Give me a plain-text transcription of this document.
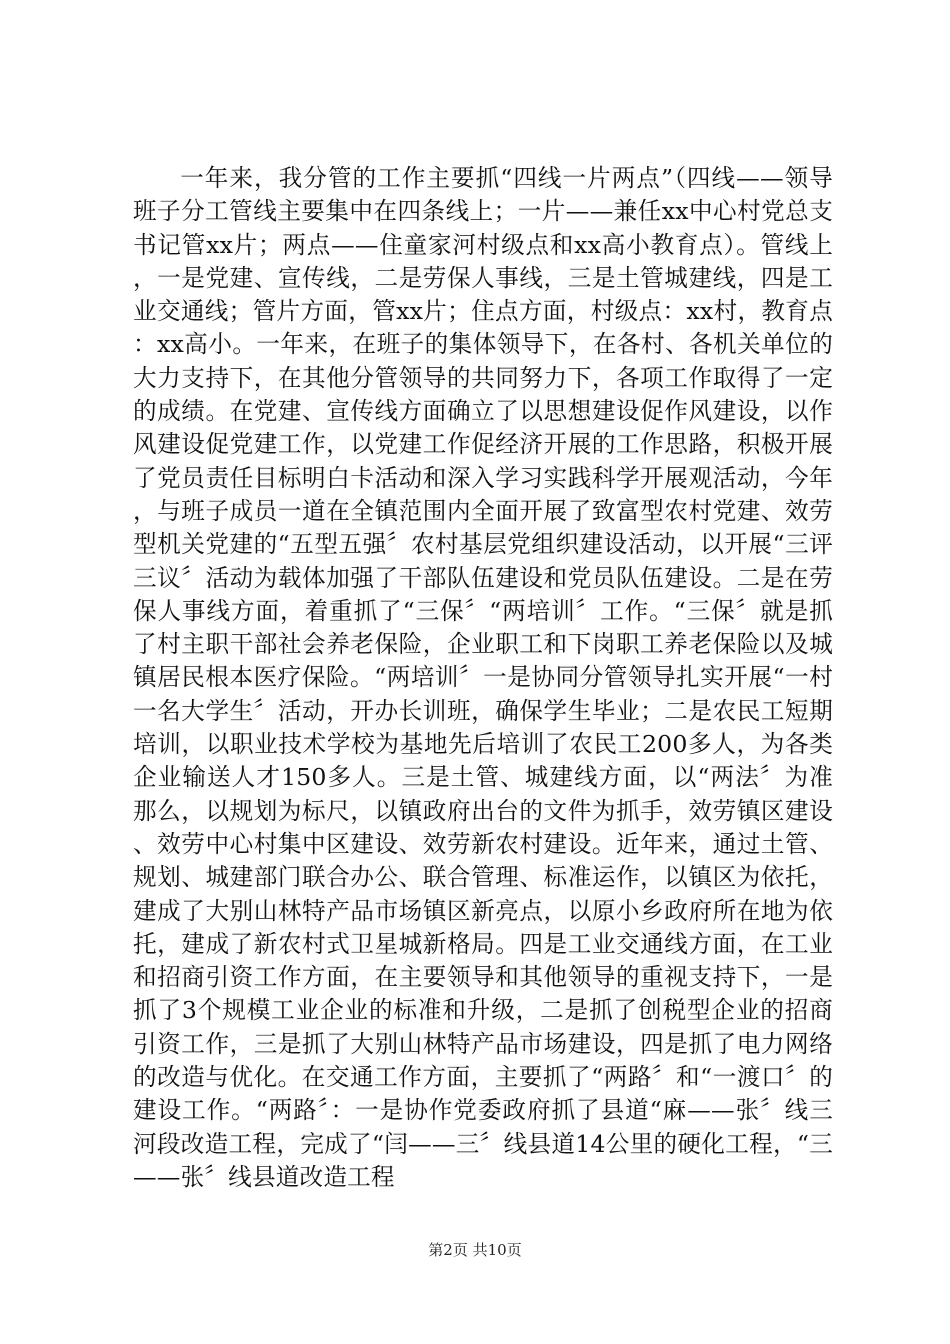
一年来，我分管的工作主要抓“四线一片两点”（四线——领导班子分工管线主要集中在四条线上；一片——兼任xx中心村党总支书记管xx片；两点——住童家河村级点和xx高小教育点）。管线上，一是党建、宣传线，二是劳保人事线，三是土管城建线，四是工业交通线；管片方面，管xx片；住点方面，村级点：xx村，教育点：xx高小。一年来，在班子的集体领导下，在各村、各机关单位的大力支持下，在其他分管领导的共同努力下，各项工作取得了一定的成绩。在党建、宣传线方面确立了以思想建设促作风建设，以作风建设促党建工作，以党建工作促经济开展的工作思路，积极开展了党员责任目标明白卡活动和深入学习实践科学开展观活动，今年，与班子成员一道在全镇范围内全面开展了致富型农村党建、效劳型机关党建的“五型五强〞农村基层党组织建设活动，以开展“三评三议〞活动为载体加强了干部队伍建设和党员队伍建设。二是在劳保人事线方面，着重抓了“三保〞“两培训〞工作。“三保〞就是抓了村主职干部社会养老保险，企业职工和下岗职工养老保险以及城镇居民根本医疗保险。“两培训〞一是协同分管领导扎实开展“一村一名大学生〞活动，开办长训班，确保学生毕业；二是农民工短期培训，以职业技术学校为基地先后培训了农民工200多人，为各类企业输送人才150多人。三是土管、城建线方面，以“两法〞为准那么，以规划为标尺，以镇政府出台的文件为抓手，效劳镇区建设、效劳中心村集中区建设、效劳新农村建设。近年来，通过土管、规划、城建部门联合办公、联合管理、标准运作，以镇区为依托，建成了大别山林特产品市场镇区新亮点，以原小乡政府所在地为依托，建成了新农村式卫星城新格局。四是工业交通线方面，在工业和招商引资工作方面，在主要领导和其他领导的重视支持下，一是抓了3个规模工业企业的标准和升级，二是抓了创税型企业的招商引资工作，三是抓了大别山林特产品市场建设，四是抓了电力网络的改造与优化。在交通工作方面，主要抓了“两路〞和“一渡口〞的建设工作。“两路〞：一是协作党委政府抓了县道“麻——张〞线三河段改造工程，完成了“闫——三〞线县道14公里的硬化工程，“三——张〞线县道改造工程

第2页 共10页
